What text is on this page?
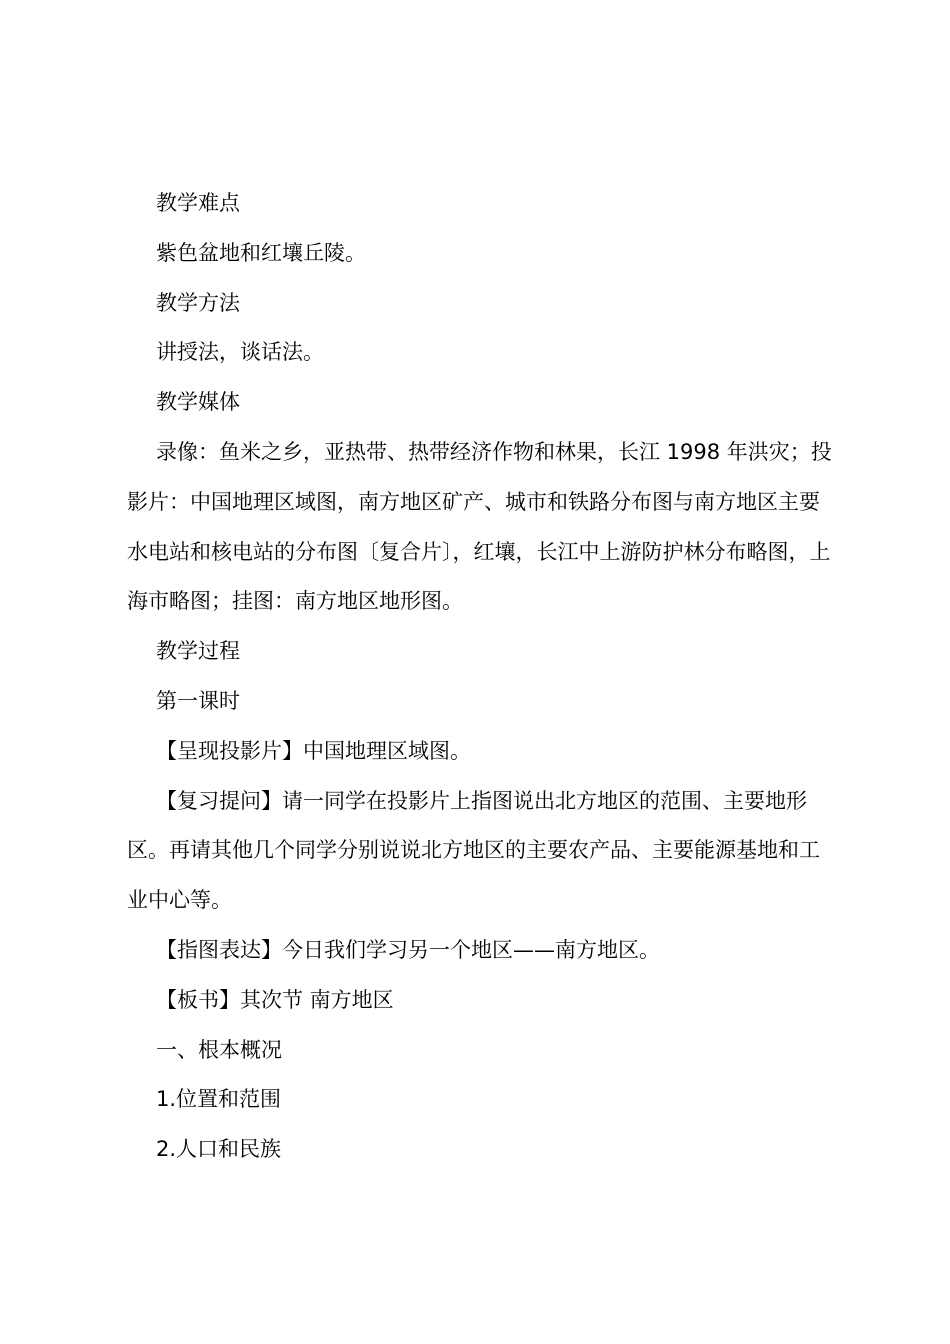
教学难点

紫色盆地和红壤丘陵。

教学方法

讲授法，谈话法。

教学媒体

录像：鱼米之乡，亚热带、热带经济作物和林果，长江 1998 年洪灾；投影片：中国地理区域图，南方地区矿产、城市和铁路分布图与南方地区主要水电站和核电站的分布图〔复合片〕，红壤，长江中上游防护林分布略图，上海市略图；挂图：南方地区地形图。

教学过程

第一课时

【呈现投影片】中国地理区域图。

【复习提问】请一同学在投影片上指图说出北方地区的范围、主要地形区。再请其他几个同学分别说说北方地区的主要农产品、主要能源基地和工业中心等。

【指图表达】今日我们学习另一个地区——南方地区。

【板书】其次节 南方地区

一、根本概况

1.位置和范围

2.人口和民族
